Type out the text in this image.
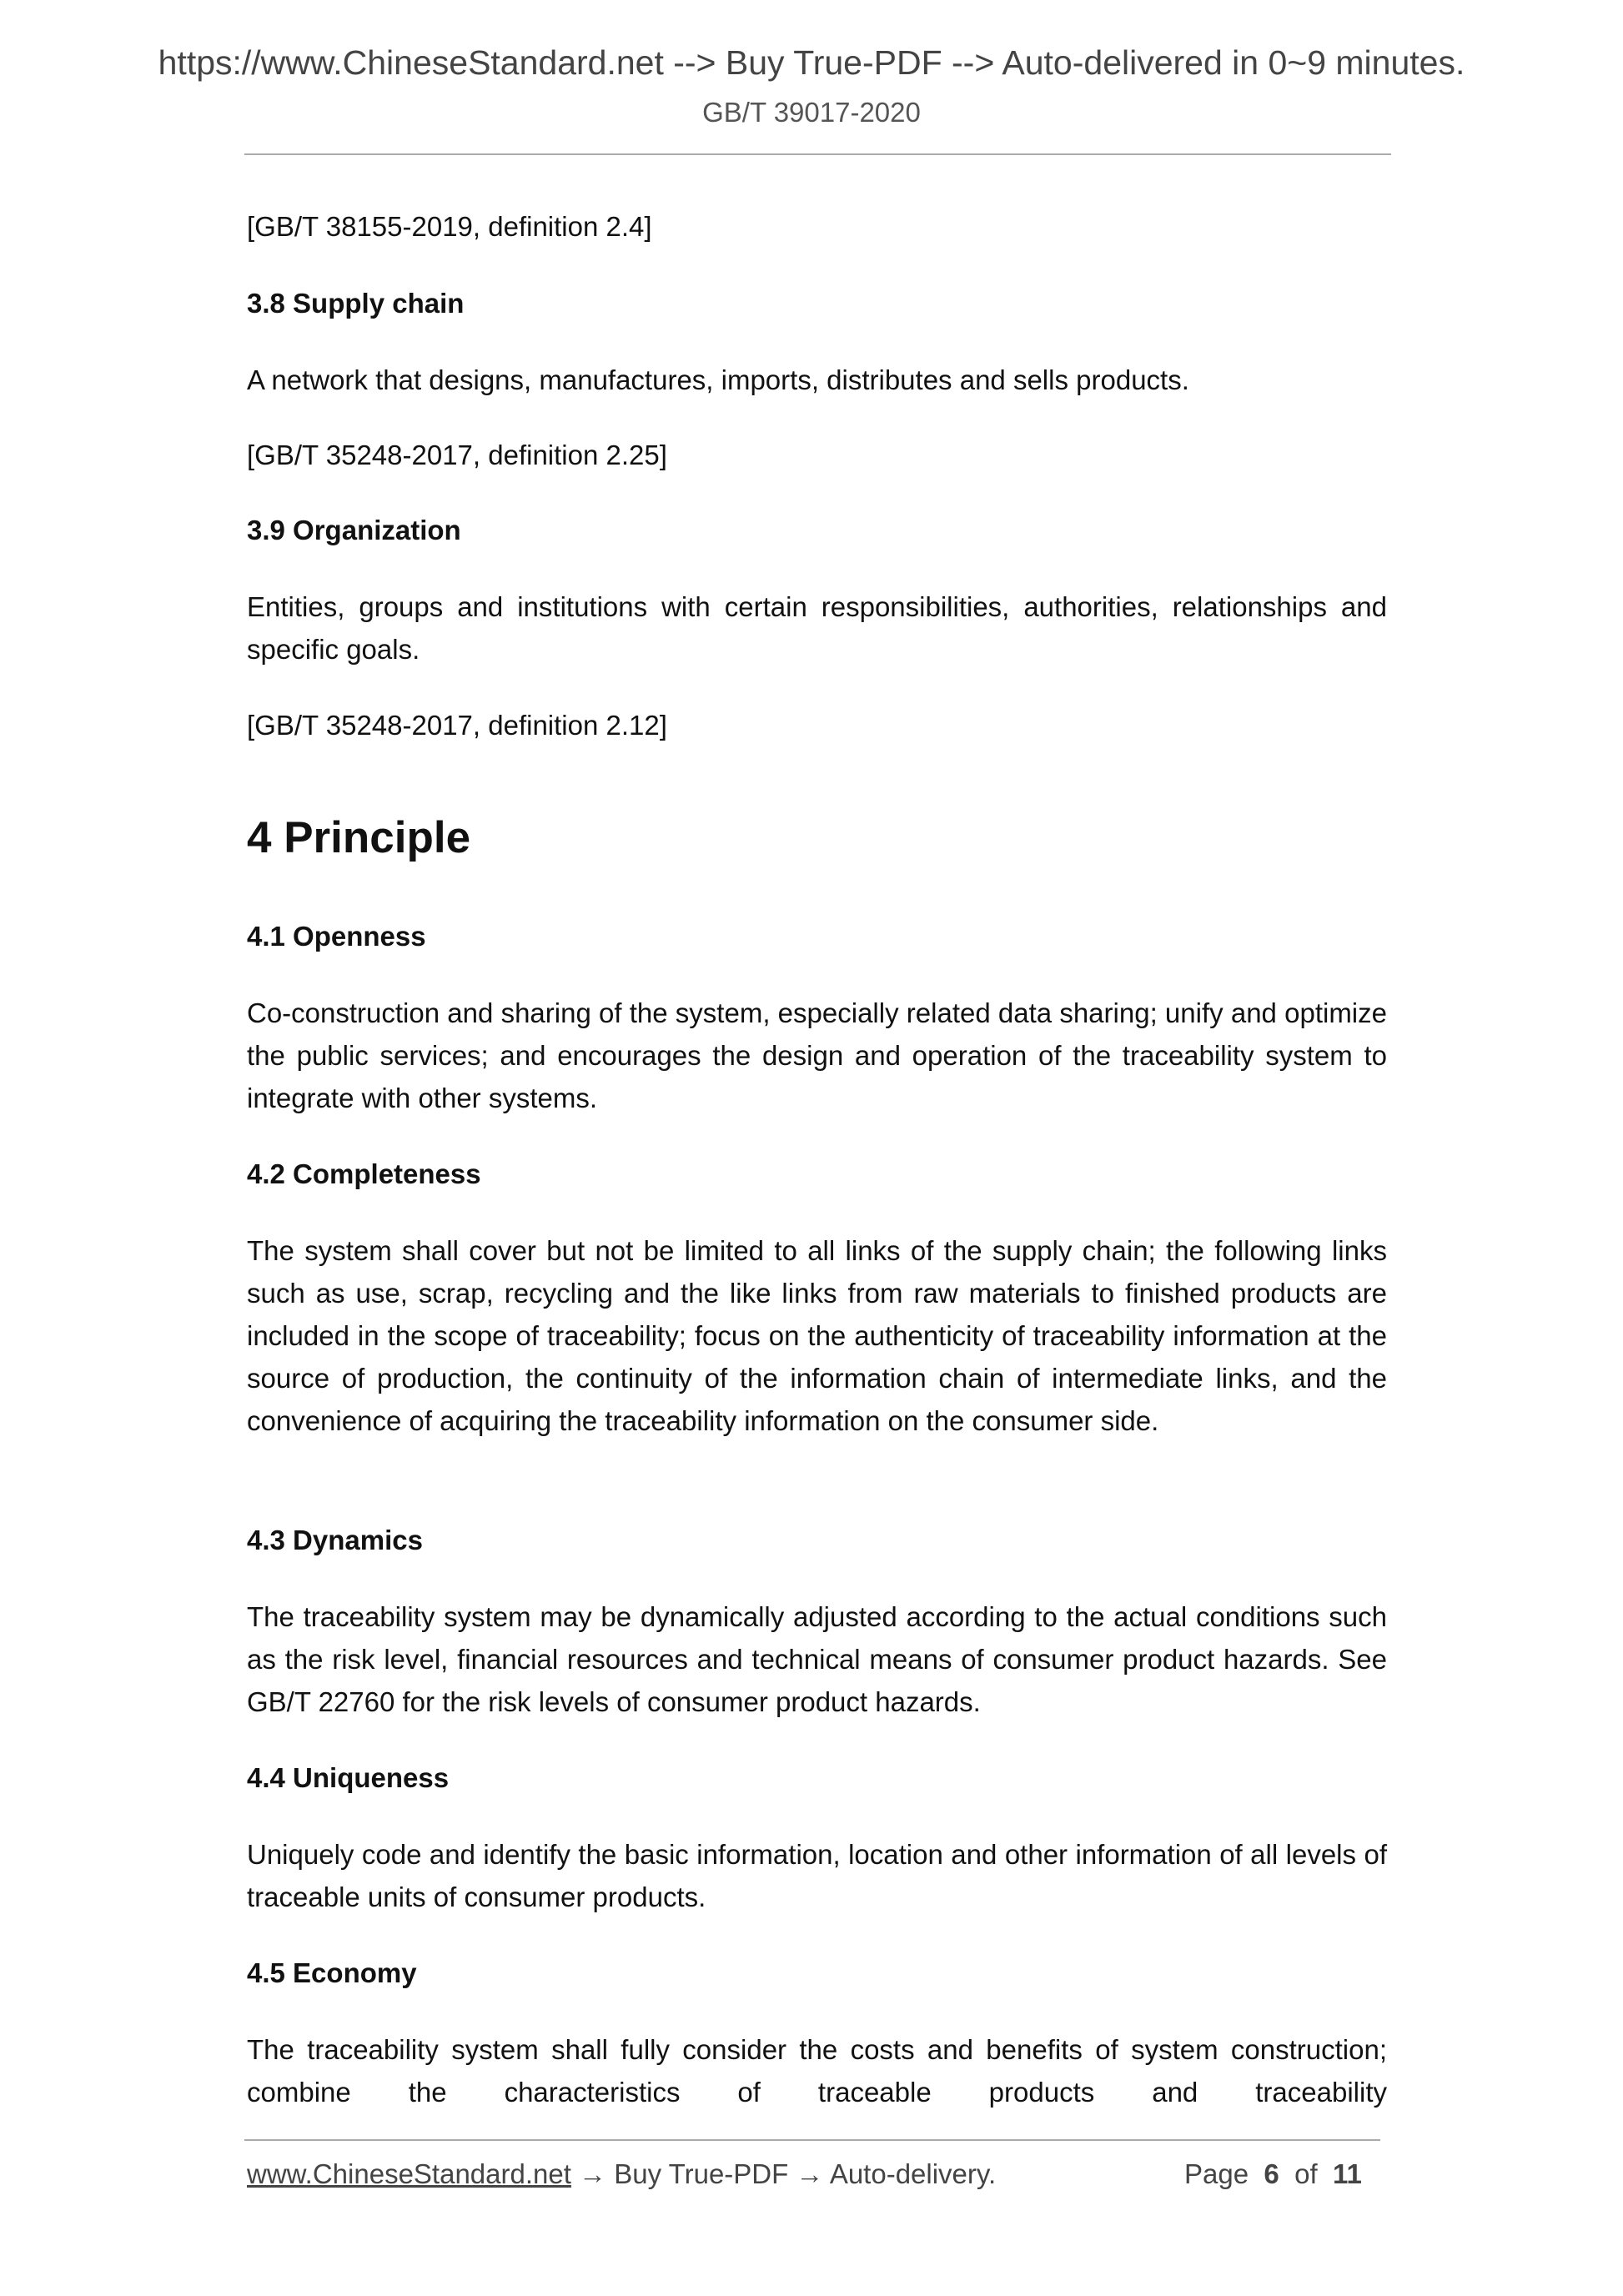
https://www.ChineseStandard.net --> Buy True-PDF --> Auto-delivered in 0~9 minutes.
GB/T 39017-2020
[GB/T 38155-2019, definition 2.4]
3.8 Supply chain
A network that designs, manufactures, imports, distributes and sells products.
[GB/T 35248-2017, definition 2.25]
3.9 Organization
Entities, groups and institutions with certain responsibilities, authorities, relationships and specific goals.
[GB/T 35248-2017, definition 2.12]
4 Principle
4.1 Openness
Co-construction and sharing of the system, especially related data sharing; unify and optimize the public services; and encourages the design and operation of the traceability system to integrate with other systems.
4.2 Completeness
The system shall cover but not be limited to all links of the supply chain; the following links such as use, scrap, recycling and the like links from raw materials to finished products are included in the scope of traceability; focus on the authenticity of traceability information at the source of production, the continuity of the information chain of intermediate links, and the convenience of acquiring the traceability information on the consumer side.
4.3 Dynamics
The traceability system may be dynamically adjusted according to the actual conditions such as the risk level, financial resources and technical means of consumer product hazards. See GB/T 22760 for the risk levels of consumer product hazards.
4.4 Uniqueness
Uniquely code and identify the basic information, location and other information of all levels of traceable units of consumer products.
4.5 Economy
The traceability system shall fully consider the costs and benefits of system construction; combine the characteristics of traceable products and traceability
www.ChineseStandard.net → Buy True-PDF → Auto-delivery.	Page 6 of 11
